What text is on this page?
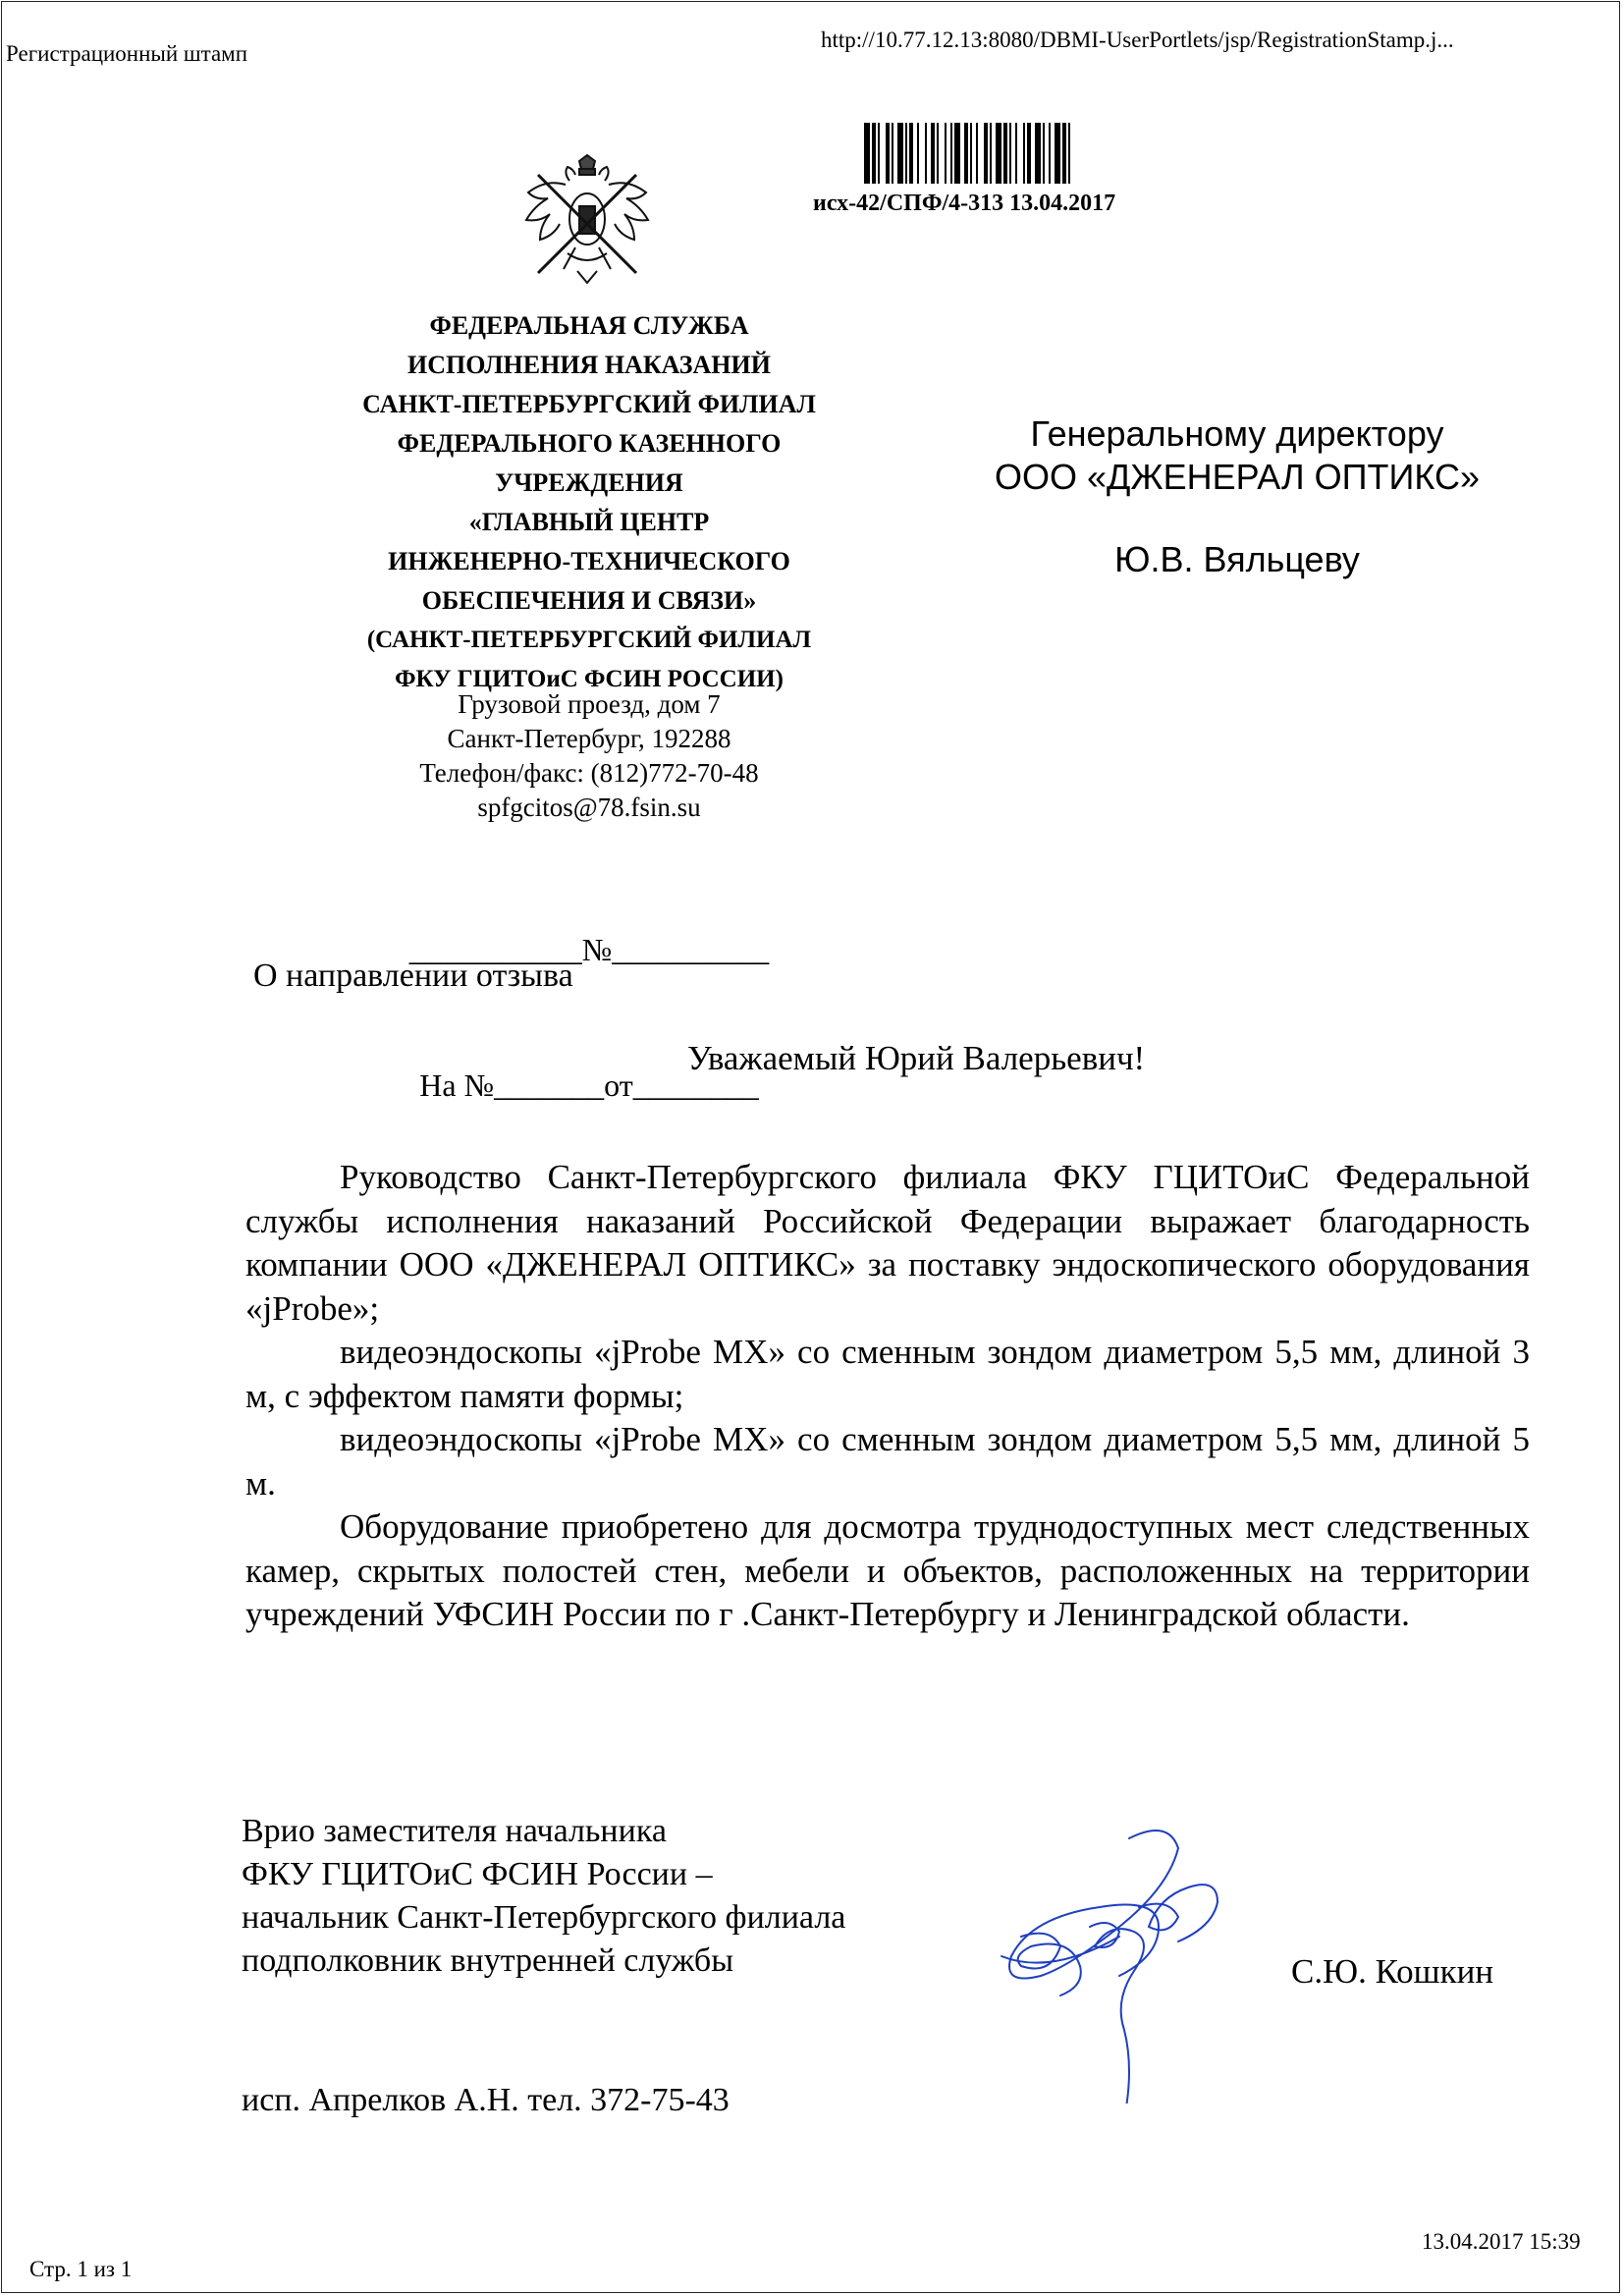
Регистрационный штамп
http://10.77.12.13:8080/DBMI-UserPortlets/jsp/RegistrationStamp.j...
исх-42/СПФ/4-313 13.04.2017
ФЕДЕРАЛЬНАЯ СЛУЖБА
ИСПОЛНЕНИЯ НАКАЗАНИЙ
САНКТ-ПЕТЕРБУРГСКИЙ ФИЛИАЛ
ФЕДЕРАЛЬНОГО КАЗЕННОГО
УЧРЕЖДЕНИЯ
«ГЛАВНЫЙ ЦЕНТР
ИНЖЕНЕРНО-ТЕХНИЧЕСКОГО
ОБЕСПЕЧЕНИЯ И СВЯЗИ»
(САНКТ-ПЕТЕРБУРГСКИЙ ФИЛИАЛ
ФКУ ГЦИТОиС ФСИН РОССИИ)
Грузовой проезд, дом 7
Санкт-Петербург, 192288
Телефон/факс: (812)772-70-48
spfgcitos@78.fsin.su

___________№__________

На №_______от________

Генеральному директору
ООО «ДЖЕНЕРАЛ ОПТИКС»
Ю.В. Вяльцеву
О направлении отзыва
Уважаемый Юрий Валерьевич!

Руководство Санкт-Петербургского филиала ФКУ ГЦИТОиС Федеральной службы исполнения наказаний Российской Федерации выражает благодарность компании ООО «ДЖЕНЕРАЛ ОПТИКС» за поставку эндоскопического оборудования «jProbe»;

видеоэндоскопы «jProbe MX» со сменным зондом диаметром 5,5 мм, длиной 3 м, с эффектом памяти формы;

видеоэндоскопы «jProbe MX» со сменным зондом диаметром 5,5 мм, длиной 5 м.

Оборудование приобретено для досмотра труднодоступных мест следственных камер, скрытых полостей стен, мебели и объектов, расположенных на территории учреждений УФСИН России по г .Санкт-Петербургу и Ленинградской области.

Врио заместителя начальника
ФКУ ГЦИТОиС ФСИН России –
начальник Санкт-Петербургского филиала
подполковник внутренней службы	С.Ю. Кошкин
исп. Апрелков А.Н. тел. 372-75-43
Стр. 1 из 1
13.04.2017 15:39
